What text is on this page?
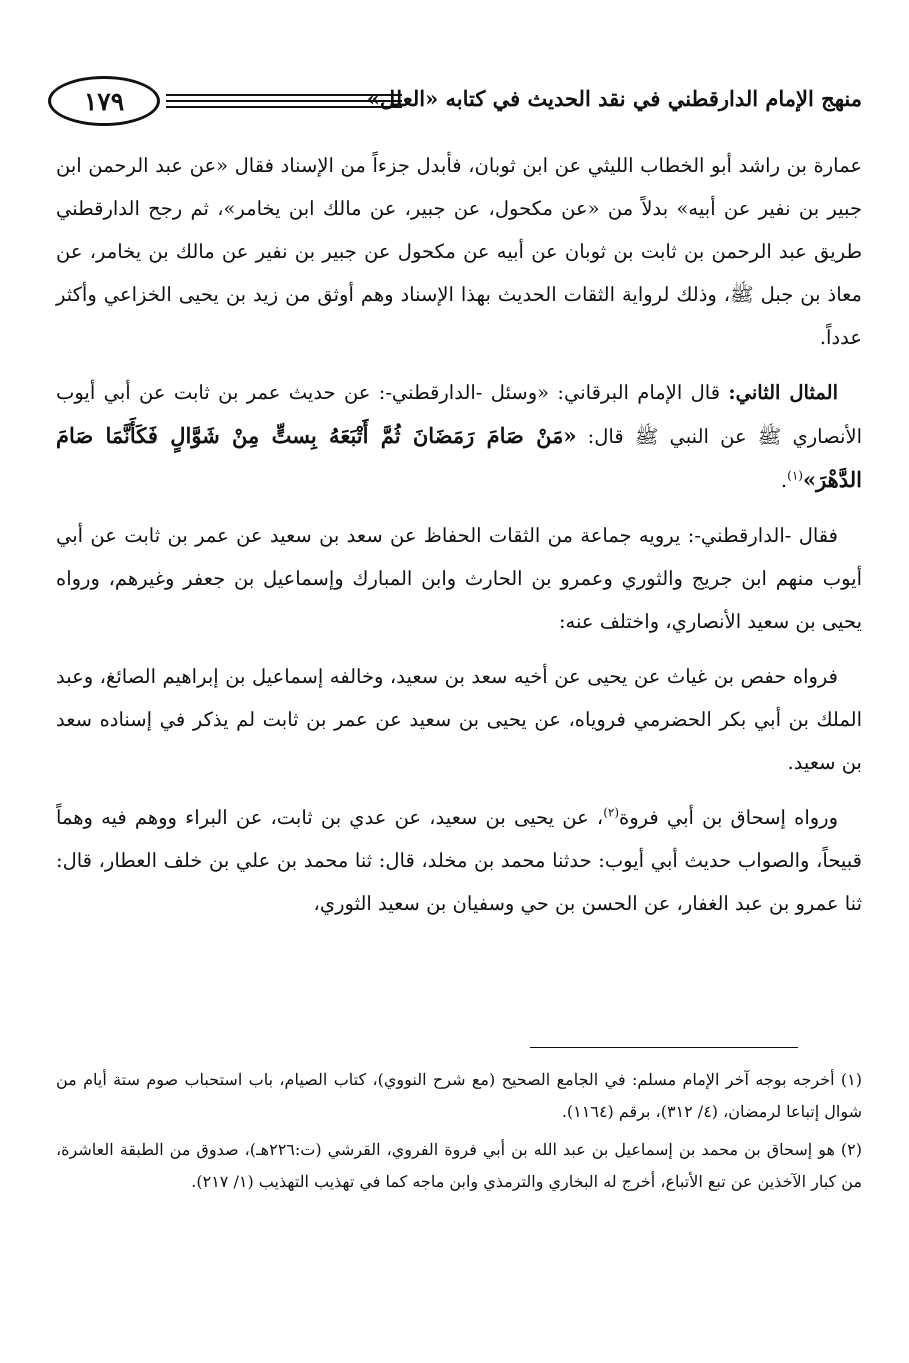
منهج الإمام الدارقطني في نقد الحديث في كتابه «العلل»
١٧٩

عمارة بن راشد أبو الخطاب الليثي عن ابن ثوبان، فأبدل جزءاً من الإسناد فقال «عن عبد الرحمن ابن جبير بن نفير عن أبيه» بدلاً من «عن مكحول، عن جبير، عن مالك ابن يخامر»، ثم رجح الدارقطني طريق عبد الرحمن بن ثابت بن ثوبان عن أبيه عن مكحول عن جبير بن نفير عن مالك بن يخامر، عن معاذ بن جبل ﷺ، وذلك لرواية الثقات الحديث بهذا الإسناد وهم أوثق من زيد بن يحيى الخزاعي وأكثر عدداً.

المثال الثاني: قال الإمام البرقاني: «وسئل -الدارقطني-: عن حديث عمر بن ثابت عن أبي أيوب الأنصاري ﷺ عن النبي ﷺ قال: «مَنْ صَامَ رَمَضَانَ ثُمَّ أَتْبَعَهُ بِستٍّ مِنْ شَوَّالٍ فَكَأَنَّمَا صَامَ الدَّهْرَ»$^{(١)}$.

فقال -الدارقطني-: يرويه جماعة من الثقات الحفاظ عن سعد بن سعيد عن عمر بن ثابت عن أبي أيوب منهم ابن جريج والثوري وعمرو بن الحارث وابن المبارك وإسماعيل بن جعفر وغيرهم، ورواه يحيى بن سعيد الأنصاري، واختلف عنه:

فرواه حفص بن غياث عن يحيى عن أخيه سعد بن سعيد، وخالفه إسماعيل بن إبراهيم الصائغ، وعبد الملك بن أبي بكر الحضرمي فروياه، عن يحيى بن سعيد عن عمر بن ثابت لم يذكر في إسناده سعد بن سعيد.

ورواه إسحاق بن أبي فروة$^{(٢)}$، عن يحيى بن سعيد، عن عدي بن ثابت، عن البراء ووهم فيه وهماً قبيحاً، والصواب حديث أبي أيوب: حدثنا محمد بن مخلد، قال: ثنا محمد بن علي بن خلف العطار، قال: ثنا عمرو بن عبد الغفار، عن الحسن بن حي وسفيان بن سعيد الثوري،

(١) أخرجه بوجه آخر الإمام مسلم: في الجامع الصحيح (مع شرح النووي)، كتاب الصيام، باب استحباب صوم ستة أيام من شوال إتباعا لرمضان، (٤/ ٣١٢)، برقم (١١٦٤).

(٢) هو إسحاق بن محمد بن إسماعيل بن عبد الله بن أبي فروة الفروي، القرشي (ت:٢٢٦هـ)، صدوق من الطبقة العاشرة، من كبار الآخذين عن تبع الأتباع، أخرج له البخاري والترمذي وابن ماجه كما في تهذيب التهذيب (١/ ٢١٧).
